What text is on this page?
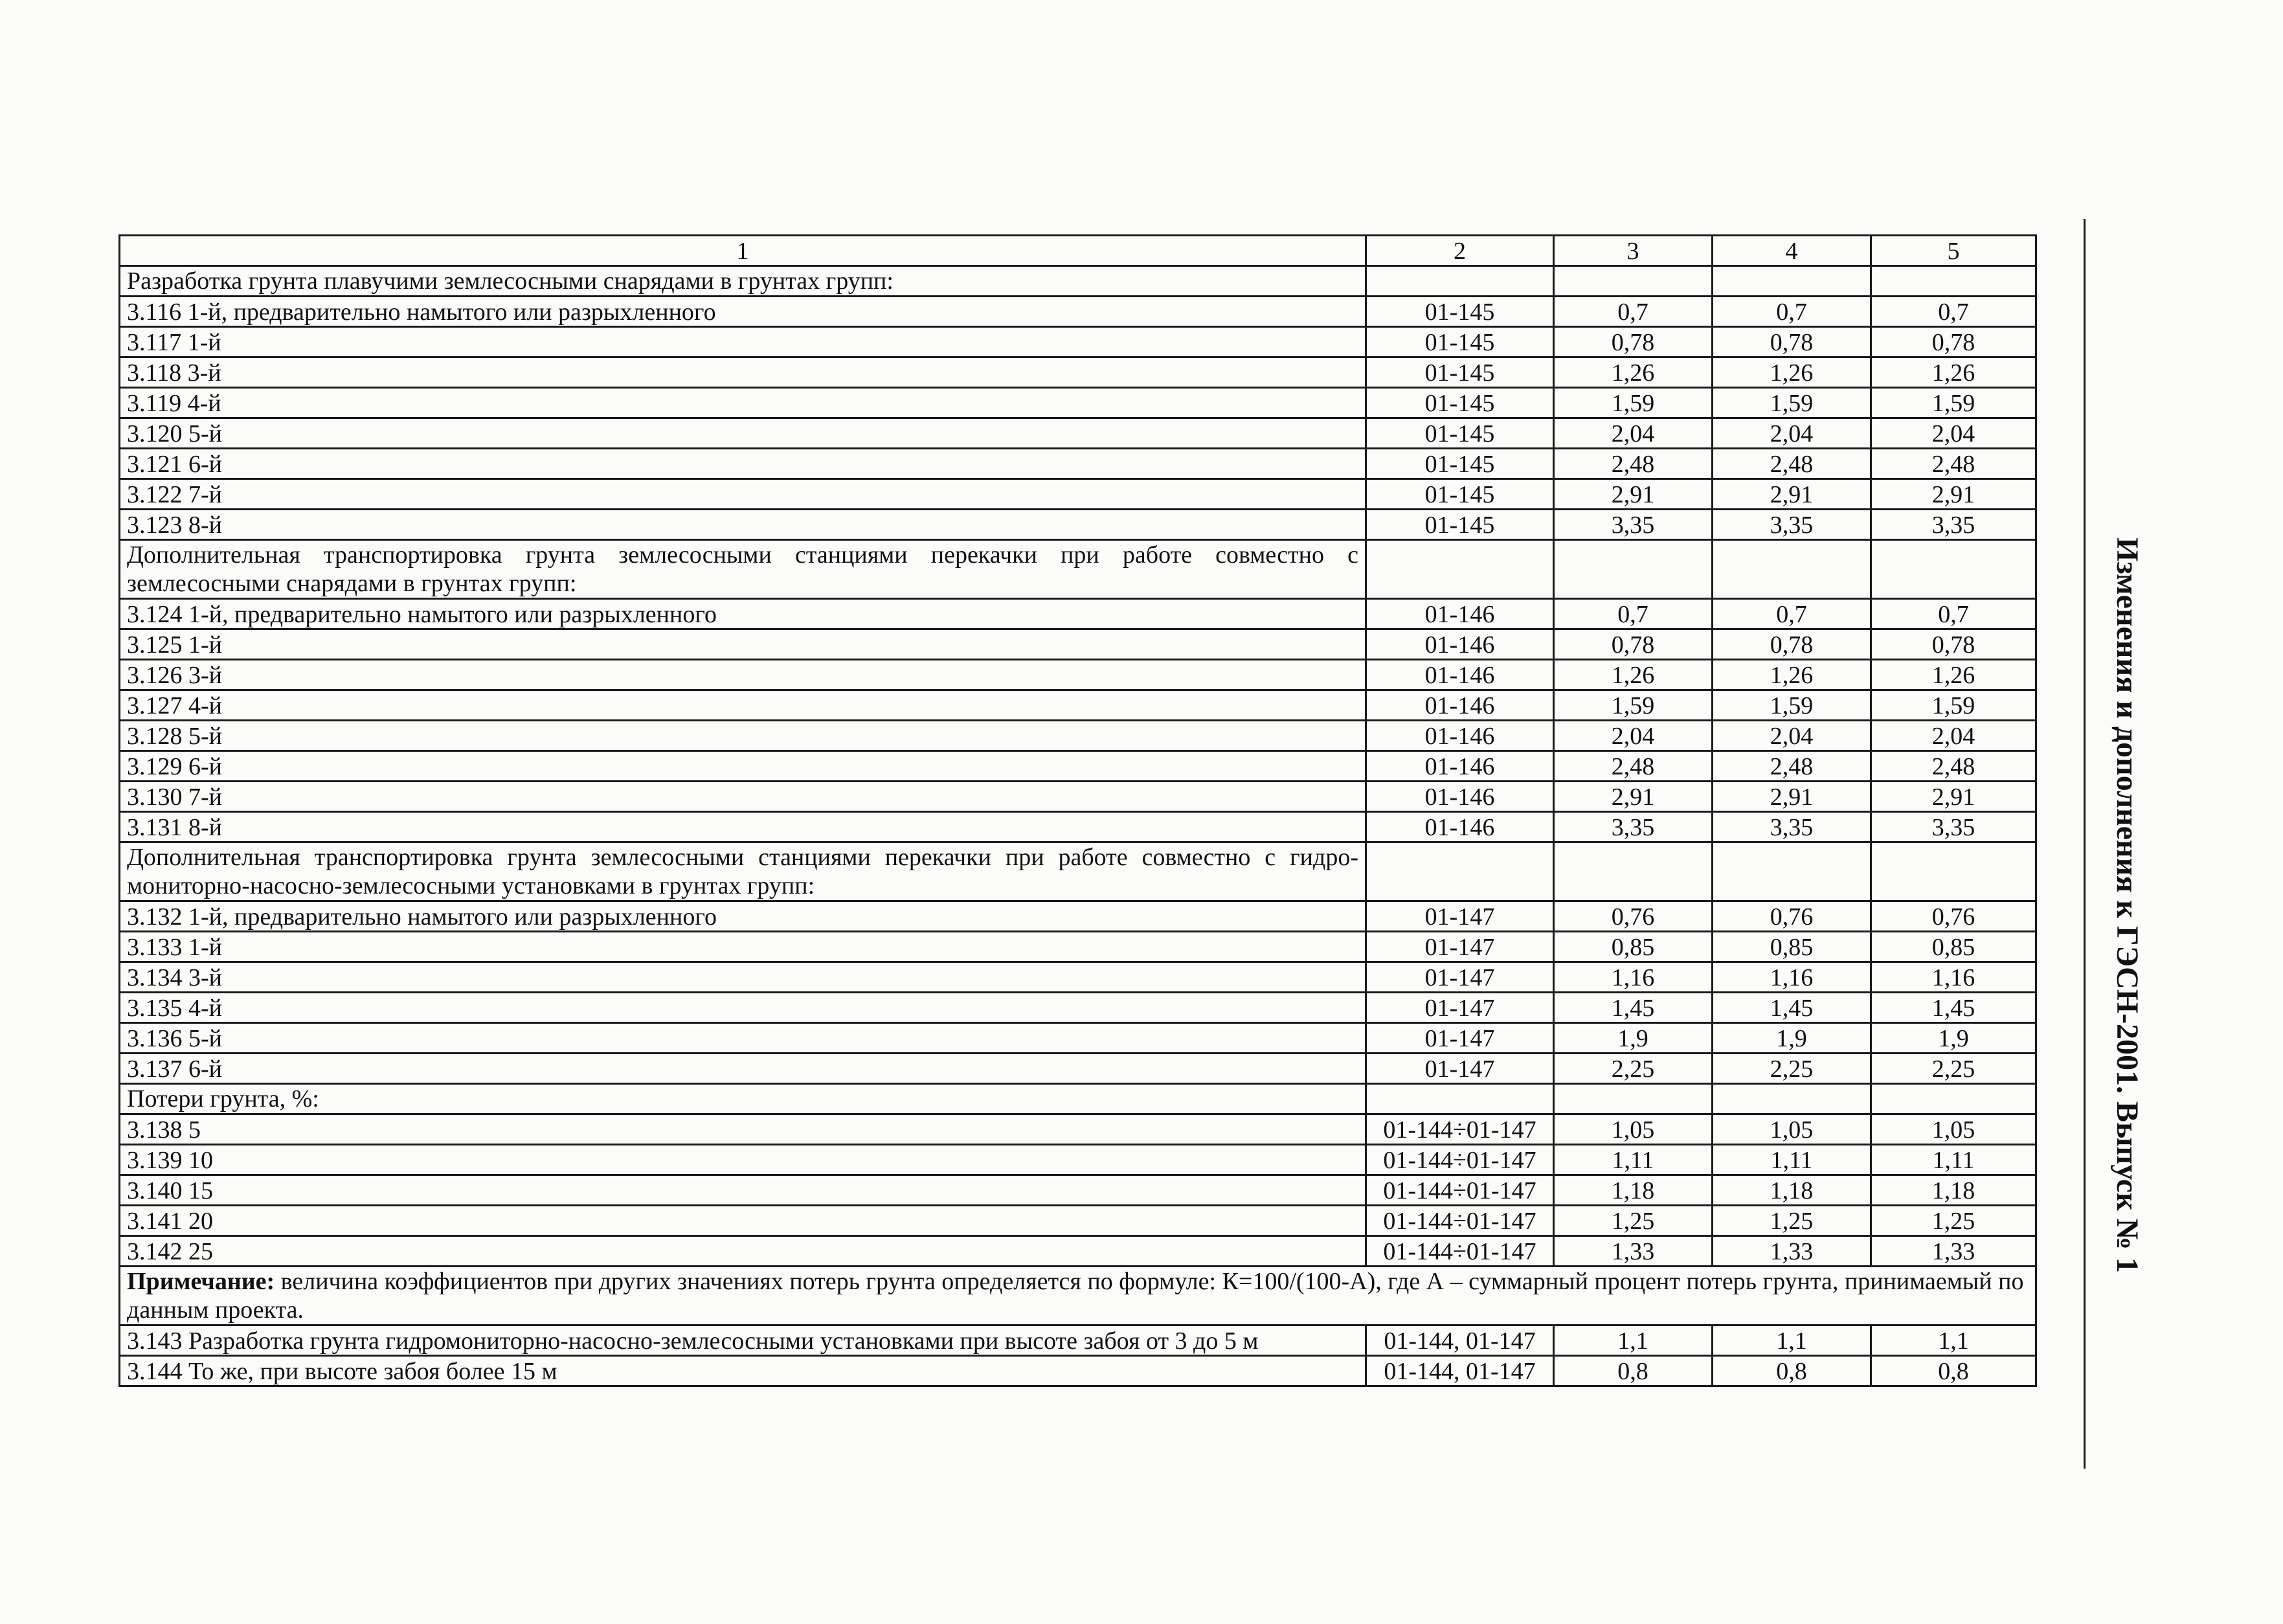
1	2	3	4	5
Разработка грунта плавучими землесосными снарядами в грунтах групп:				
3.116 1-й, предварительно намытого или разрыхленного	01-145	0,7	0,7	0,7
3.117 1-й	01-145	0,78	0,78	0,78
3.118 3-й	01-145	1,26	1,26	1,26
3.119 4-й	01-145	1,59	1,59	1,59
3.120 5-й	01-145	2,04	2,04	2,04
3.121 6-й	01-145	2,48	2,48	2,48
3.122 7-й	01-145	2,91	2,91	2,91
3.123 8-й	01-145	3,35	3,35	3,35
Дополнительная транспортировка грунта землесосными станциями перекачки при работе совместно с землесосными снарядами в грунтах групп:				
3.124 1-й, предварительно намытого или разрыхленного	01-146	0,7	0,7	0,7
3.125 1-й	01-146	0,78	0,78	0,78
3.126 3-й	01-146	1,26	1,26	1,26
3.127 4-й	01-146	1,59	1,59	1,59
3.128 5-й	01-146	2,04	2,04	2,04
3.129 6-й	01-146	2,48	2,48	2,48
3.130 7-й	01-146	2,91	2,91	2,91
3.131 8-й	01-146	3,35	3,35	3,35
Дополнительная транспортировка грунта землесосными станциями перекачки при работе совместно с гидро-мониторно-насосно-землесосными установками в грунтах групп:				
3.132 1-й, предварительно намытого или разрыхленного	01-147	0,76	0,76	0,76
3.133 1-й	01-147	0,85	0,85	0,85
3.134 3-й	01-147	1,16	1,16	1,16
3.135 4-й	01-147	1,45	1,45	1,45
3.136 5-й	01-147	1,9	1,9	1,9
3.137 6-й	01-147	2,25	2,25	2,25
Потери грунта, %:				
3.138 5	01-144÷01-147	1,05	1,05	1,05
3.139 10	01-144÷01-147	1,11	1,11	1,11
3.140 15	01-144÷01-147	1,18	1,18	1,18
3.141 20	01-144÷01-147	1,25	1,25	1,25
3.142 25	01-144÷01-147	1,33	1,33	1,33
Примечание: величина коэффициентов при других значениях потерь грунта определяется по формуле: К=100/(100-А), где А – суммарный процент потерь грунта, принимаемый по данным проекта.				
3.143 Разработка грунта гидромониторно-насосно-землесосными установками при высоте забоя от 3 до 5 м	01-144, 01-147	1,1	1,1	1,1
3.144 То же, при высоте забоя более 15 м	01-144, 01-147	0,8	0,8	0,8
Изменения и дополнения к ГЭСН-2001. Выпуск № 1
